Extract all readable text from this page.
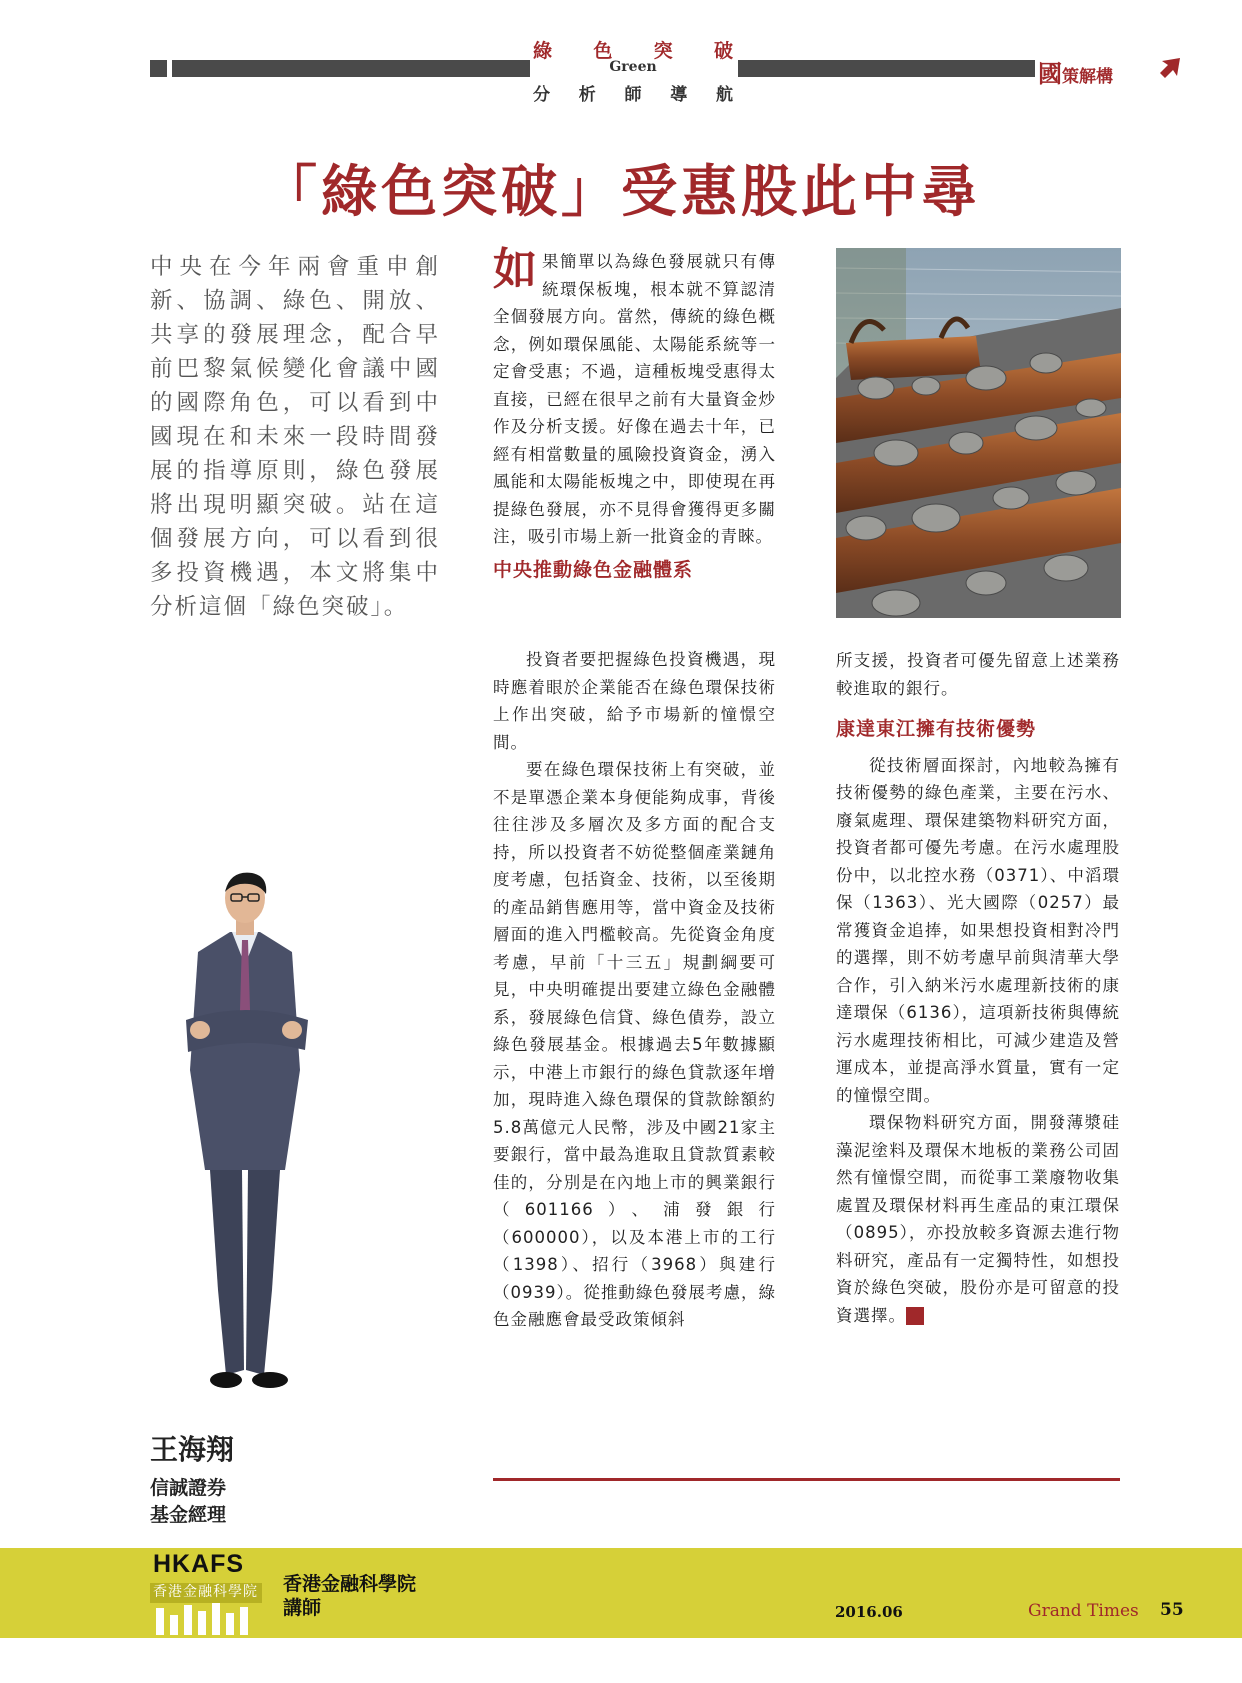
綠 色 突 破
Green
分 析 師 導 航
國策解構
「綠色突破」受惠股此中尋
中央在今年兩會重申創新、協調、綠色、開放、共享的發展理念，配合早前巴黎氣候變化會議中國的國際角色，可以看到中國現在和未來一段時間發展的指導原則，綠色發展將出現明顯突破。站在這個發展方向，可以看到很多投資機遇，本文將集中分析這個「綠色突破」。

如果簡單以為綠色發展就只有傳統環保板塊，根本就不算認清全個發展方向。當然，傳統的綠色概念，例如環保風能、太陽能系統等一定會受惠；不過，這種板塊受惠得太直接，已經在很早之前有大量資金炒作及分析支援。好像在過去十年，已經有相當數量的風險投資資金，湧入風能和太陽能板塊之中，即使現在再提綠色發展，亦不見得會獲得更多關注，吸引市場上新一批資金的青睞。

中央推動綠色金融體系

投資者要把握綠色投資機遇，現時應着眼於企業能否在綠色環保技術上作出突破，給予市場新的憧憬空間。

要在綠色環保技術上有突破，並不是單憑企業本身便能夠成事，背後往往涉及多層次及多方面的配合支持，所以投資者不妨從整個產業鏈角度考慮，包括資金、技術，以至後期的產品銷售應用等，當中資金及技術層面的進入門檻較高。先從資金角度考慮，早前「十三五」規劃綱要可見，中央明確提出要建立綠色金融體系，發展綠色信貸、綠色債券，設立綠色發展基金。根據過去5年數據顯示，中港上市銀行的綠色貸款逐年增加，現時進入綠色環保的貸款餘額約5.8萬億元人民幣，涉及中國21家主要銀行，當中最為進取且貸款質素較佳的，分別是在內地上市的興業銀行（601166）、浦發銀行（600000），以及本港上市的工行（1398）、招行（3968）與建行（0939）。從推動綠色發展考慮，綠色金融應會最受政策傾斜

所支援，投資者可優先留意上述業務較進取的銀行。

康達東江擁有技術優勢

從技術層面探討，內地較為擁有技術優勢的綠色產業，主要在污水、廢氣處理、環保建築物料研究方面，投資者都可優先考慮。在污水處理股份中，以北控水務（0371）、中滔環保（1363）、光大國際（0257）最常獲資金追捧，如果想投資相對冷門的選擇，則不妨考慮早前與清華大學合作，引入納米污水處理新技術的康達環保（6136），這項新技術與傳統污水處理技術相比，可減少建造及營運成本，並提高淨水質量，實有一定的憧憬空間。

環保物料研究方面，開發薄漿硅藻泥塗料及環保木地板的業務公司固然有憧憬空間，而從事工業廢物收集處置及環保材料再生產品的東江環保（0895），亦投放較多資源去進行物料研究，產品有一定獨特性，如想投資於綠色突破，股份亦是可留意的投資選擇。	人

王海翔
信誠證券
基金經理
HKAFS
香港金融科學院 香港金融科學院
講師	2016.06	Grand Times 55
